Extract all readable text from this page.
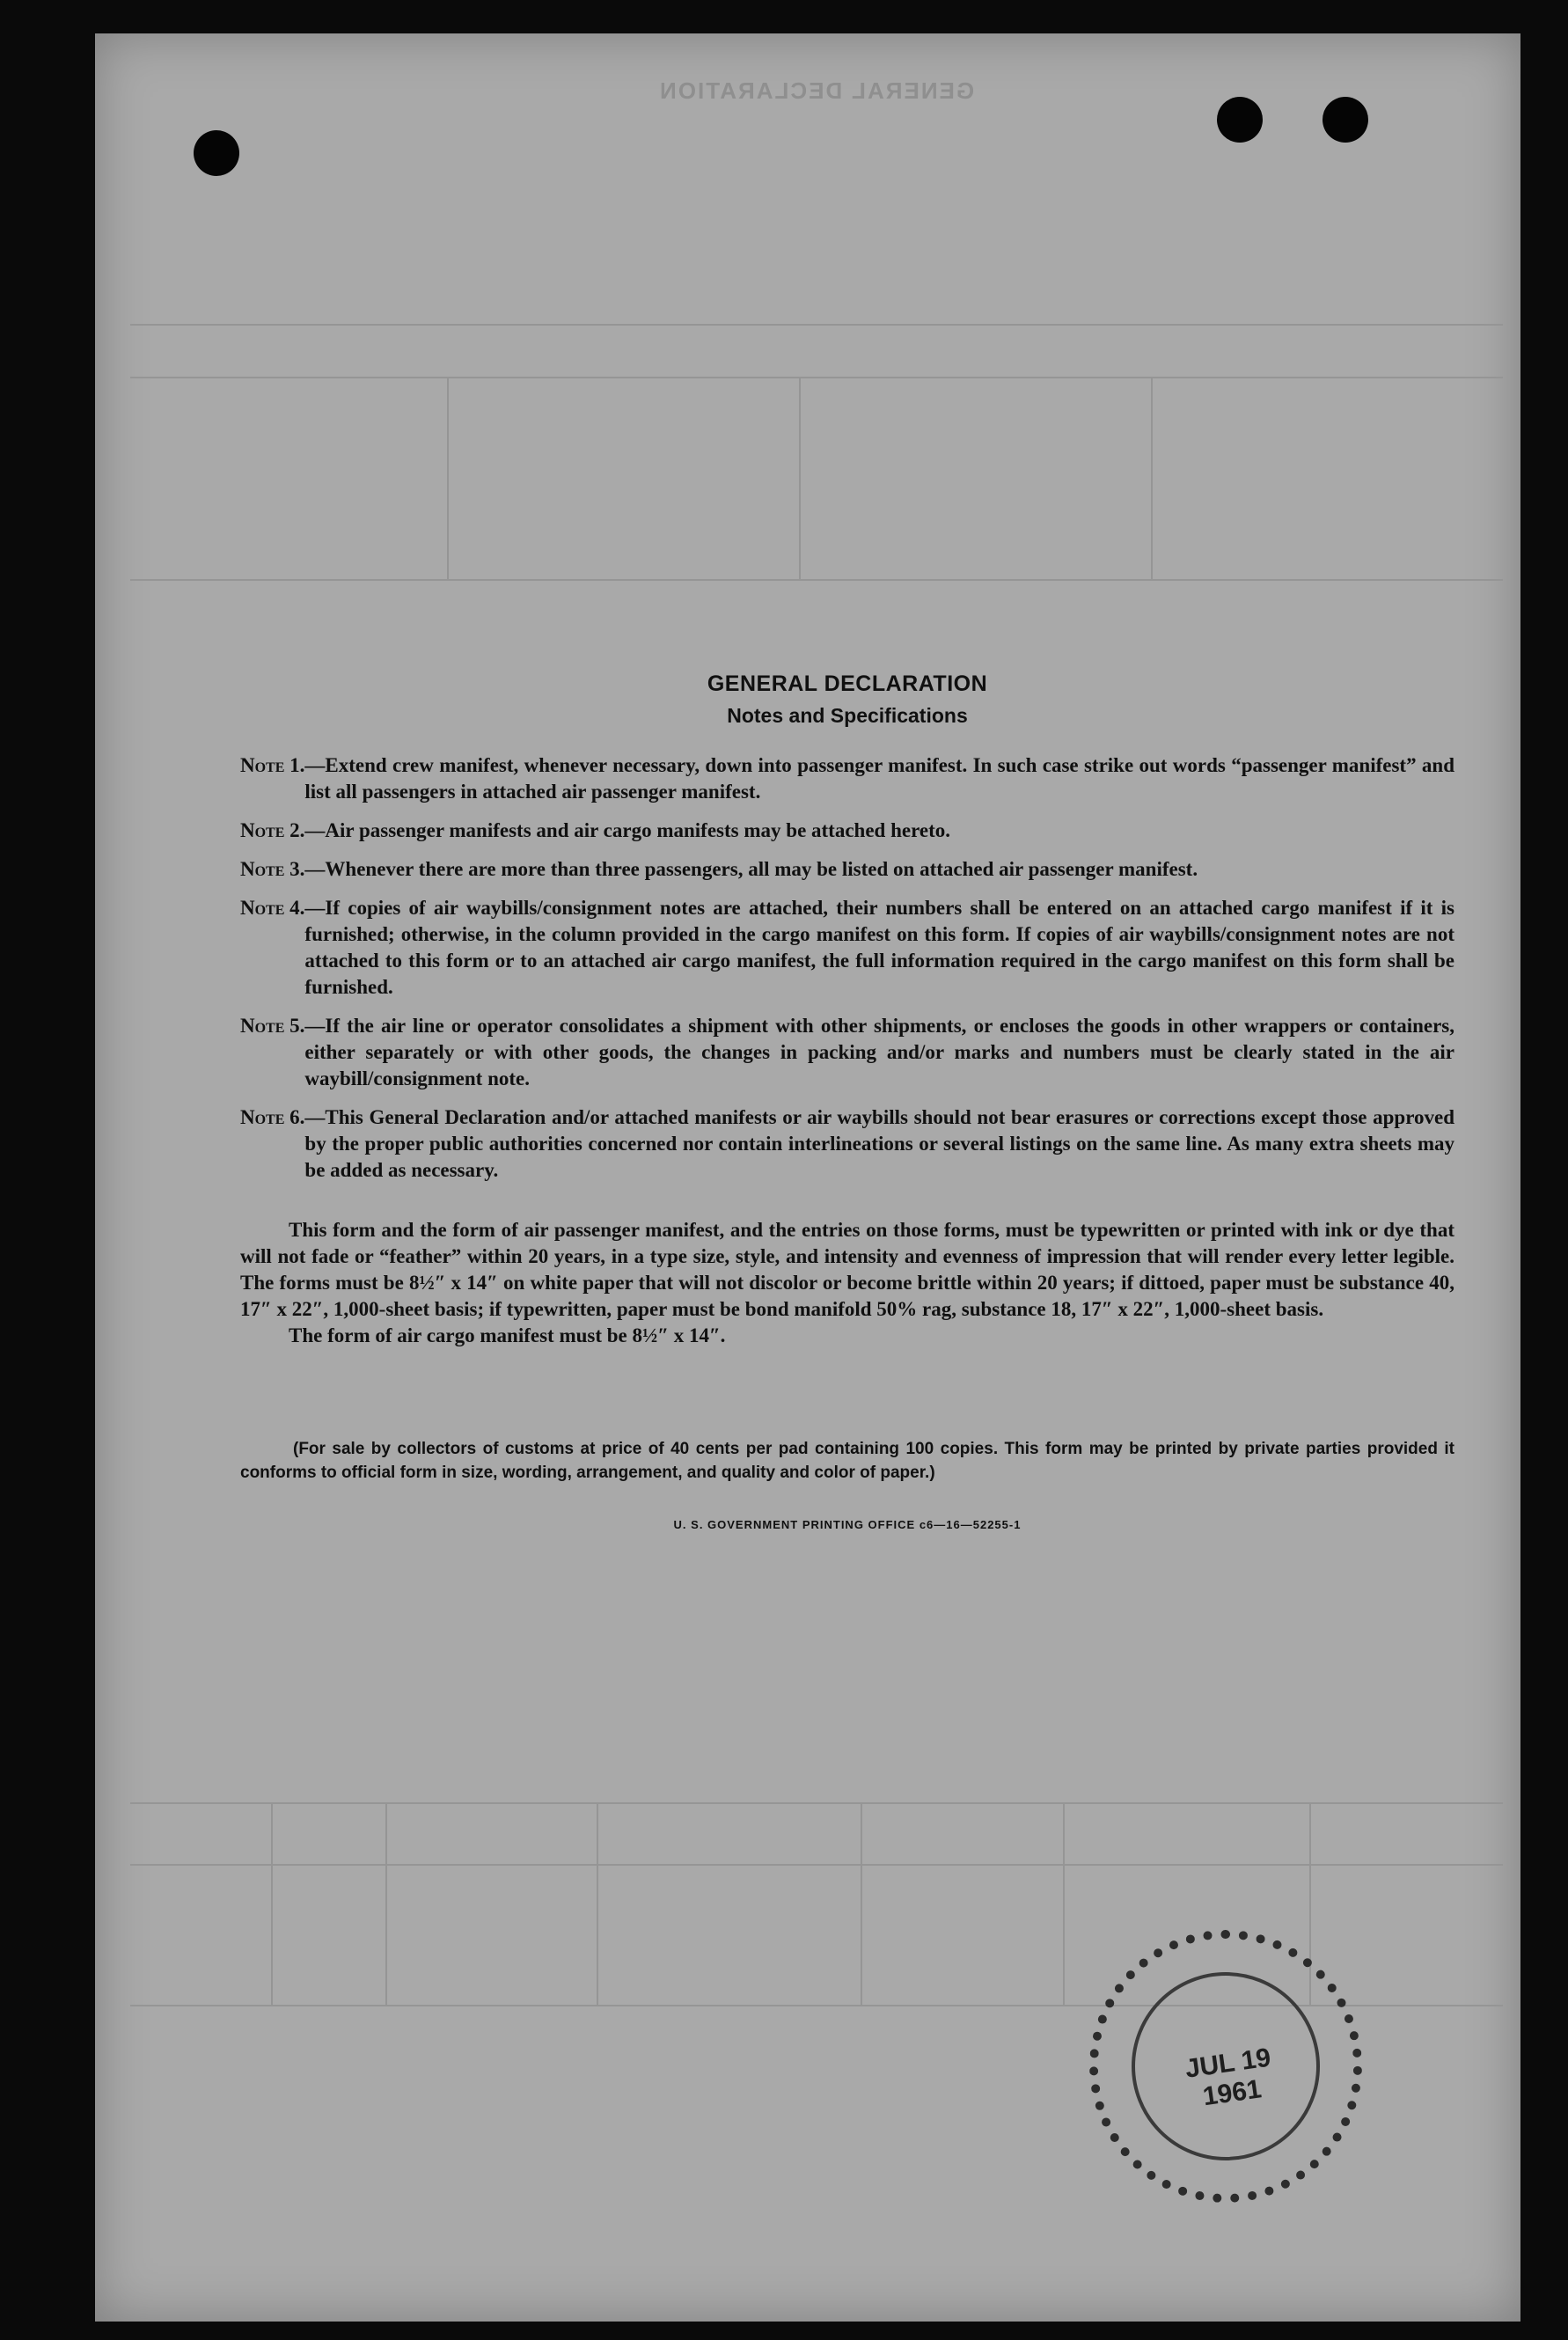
GENERAL DECLARATION

GENERAL DECLARATION

Notes and Specifications

Note 1. —Extend crew manifest, whenever necessary, down into passenger manifest. In such case strike out words “passenger manifest” and list all passengers in attached air passenger manifest.
Note 2. —Air passenger manifests and air cargo manifests may be attached hereto.
Note 3. —Whenever there are more than three passengers, all may be listed on attached air passenger manifest.
Note 4. —If copies of air waybills/consignment notes are attached, their numbers shall be entered on an attached cargo manifest if it is furnished; otherwise, in the column provided in the cargo manifest on this form. If copies of air waybills/consignment notes are not attached to this form or to an attached air cargo manifest, the full information required in the cargo manifest on this form shall be furnished.
Note 5. —If the air line or operator consolidates a shipment with other shipments, or encloses the goods in other wrappers or containers, either separately or with other goods, the changes in packing and/or marks and numbers must be clearly stated in the air waybill/consignment note.
Note 6. —This General Declaration and/or attached manifests or air waybills should not bear erasures or corrections except those approved by the proper public authorities concerned nor contain interlineations or several listings on the same line. As many extra sheets may be added as necessary.

This form and the form of air passenger manifest, and the entries on those forms, must be typewritten or printed with ink or dye that will not fade or “feather” within 20 years, in a type size, style, and intensity and evenness of impression that will render every letter legible. The forms must be 8½″ x 14″ on white paper that will not discolor or become brittle within 20 years; if dittoed, paper must be substance 40, 17″ x 22″, 1,000-sheet basis; if typewritten, paper must be bond manifold 50% rag, substance 18, 17″ x 22″, 1,000-sheet basis.

The form of air cargo manifest must be 8½″ x 14″.

(For sale by collectors of customs at price of 40 cents per pad containing 100 copies. This form may be printed by private parties provided it conforms to official form in size, wording, arrangement, and quality and color of paper.)

U. S. GOVERNMENT PRINTING OFFICE c6—16—52255-1
JUL 19 1961
